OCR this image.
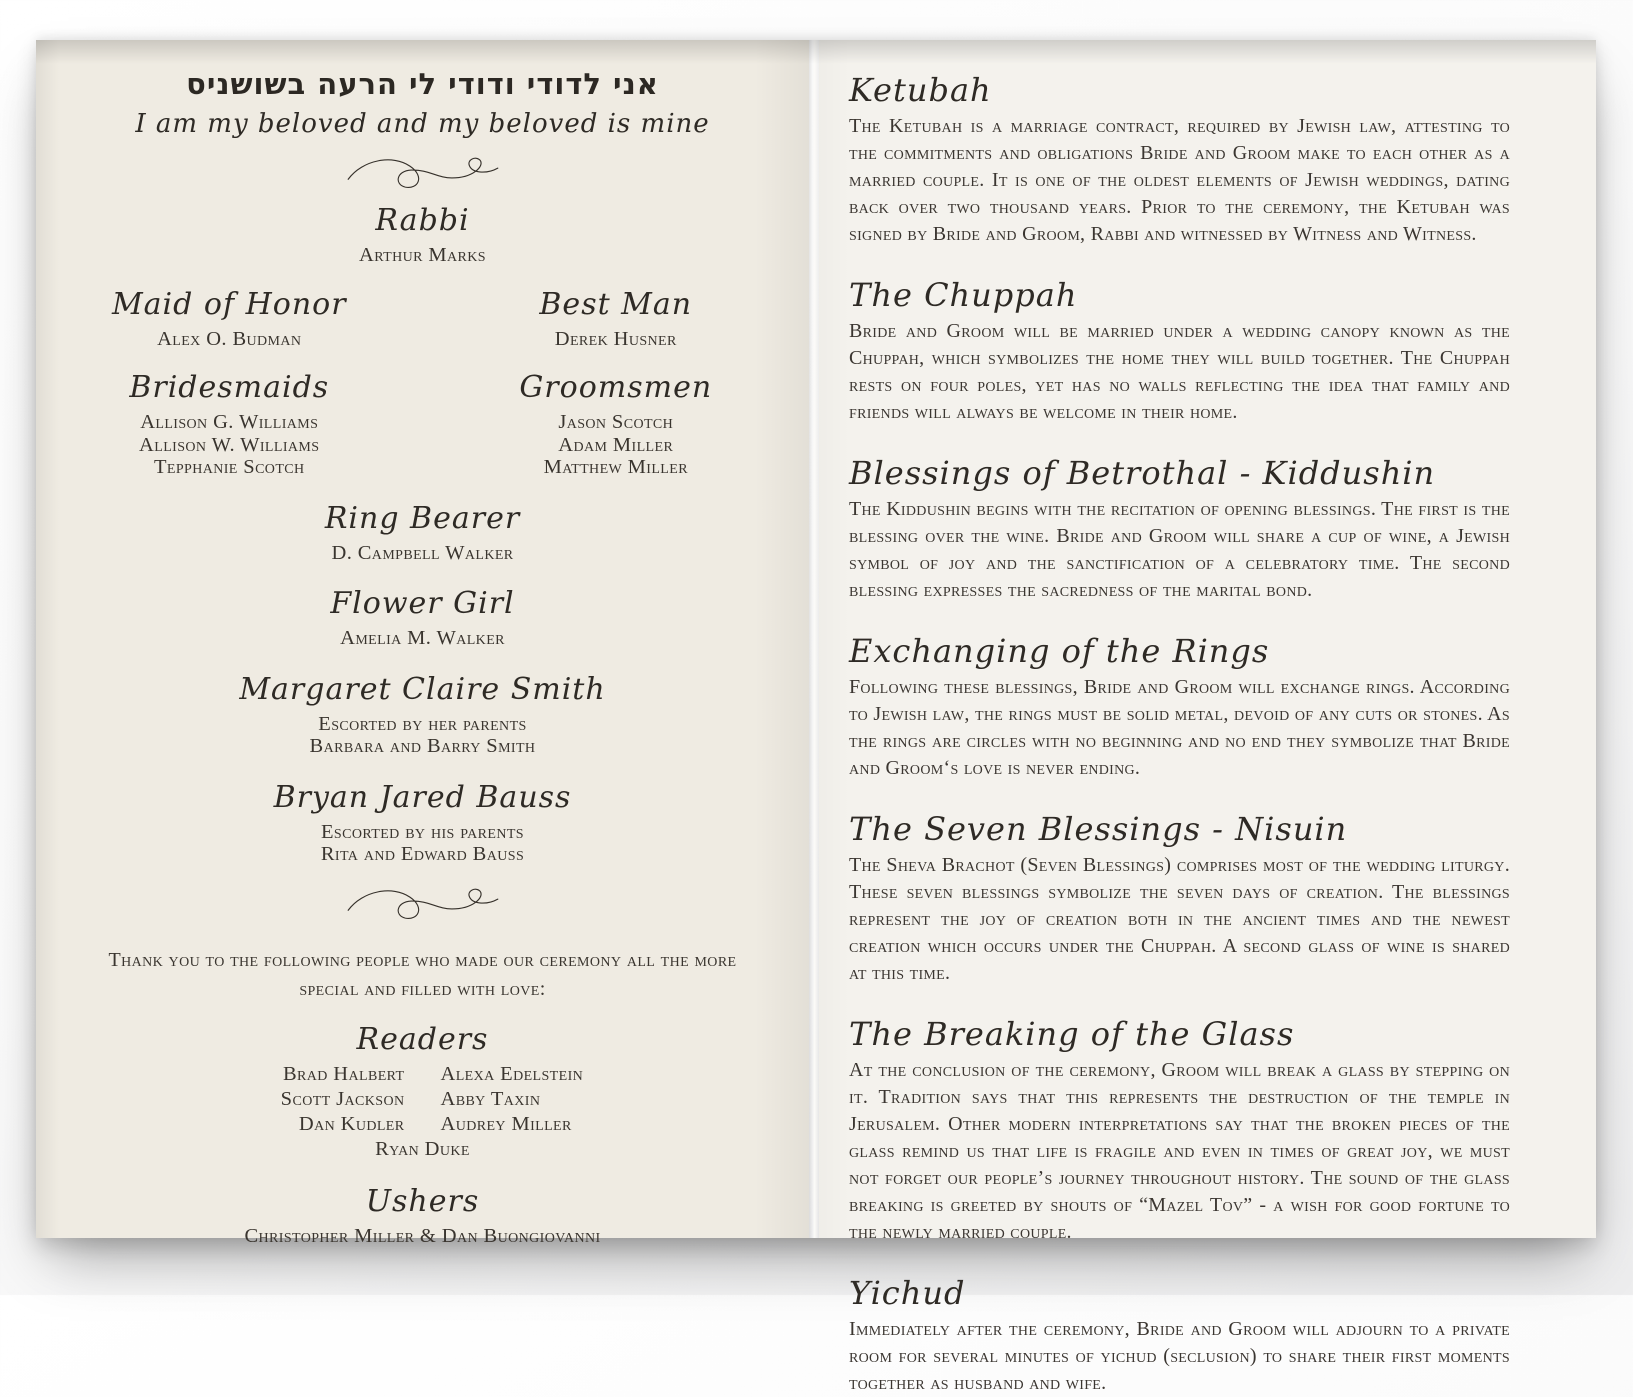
סינשושב הערה יל ידודו ידודל ינא
I am my beloved and my beloved is mine
Rabbi
Arthur Marks
Maid of Honor
Alex O. Budman
Best Man
Derek Husner
Bridesmaids
Allison G. Williams
Allison W. Williams
Tepphanie Scotch
Groomsmen
Jason Scotch
Adam Miller
Matthew Miller
Ring Bearer
D. Campbell Walker
Flower Girl
Amelia M. Walker
Margaret Claire Smith
Escorted by her parents
Barbara and Barry Smith
Bryan Jared Bauss
Escorted by his parents
Rita and Edward Bauss
Thank you to the following people who made our ceremony all the more special and filled with love:
Readers
Brad Halbert
Scott Jackson
Dan Kudler
Alexa Edelstein
Abby Taxin
Audrey Miller
Ryan Duke
Ushers
Christopher Miller & Dan Buongiovanni
Ketubah
The Ketubah is a marriage contract, required by Jewish law, attesting to the commitments and obligations Bride and Groom make to each other as a married couple. It is one of the oldest elements of Jewish weddings, dating back over two thousand years. Prior to the ceremony, the Ketubah was signed by Bride and Groom, Rabbi and witnessed by Witness and Witness.
The Chuppah
Bride and Groom will be married under a wedding canopy known as the Chuppah, which symbolizes the home they will build together. The Chuppah rests on four poles, yet has no walls reflecting the idea that family and friends will always be welcome in their home.
Blessings of Betrothal - Kiddushin
The Kiddushin begins with the recitation of opening blessings. The first is the blessing over the wine. Bride and Groom will share a cup of wine, a Jewish symbol of joy and the sanctification of a celebratory time. The second blessing expresses the sacredness of the marital bond.
Exchanging of the Rings
Following these blessings, Bride and Groom will exchange rings. According to Jewish law, the rings must be solid metal, devoid of any cuts or stones. As the rings are circles with no beginning and no end they symbolize that Bride and Groom‘s love is never ending.
The Seven Blessings - Nisuin
The Sheva Brachot (Seven Blessings) comprises most of the wedding liturgy. These seven blessings symbolize the seven days of creation. The blessings represent the joy of creation both in the ancient times and the newest creation which occurs under the Chuppah. A second glass of wine is shared at this time.
The Breaking of the Glass
At the conclusion of the ceremony, Groom will break a glass by stepping on it. Tradition says that this represents the destruction of the temple in Jerusalem. Other modern interpretations say that the broken pieces of the glass remind us that life is fragile and even in times of great joy, we must not forget our people’s journey throughout history. The sound of the glass breaking is greeted by shouts of “Mazel Tov” - a wish for good fortune to the newly married couple.
Yichud
Immediately after the ceremony, Bride and Groom will adjourn to a private room for several minutes of yichud (seclusion) to share their first moments together as husband and wife.
